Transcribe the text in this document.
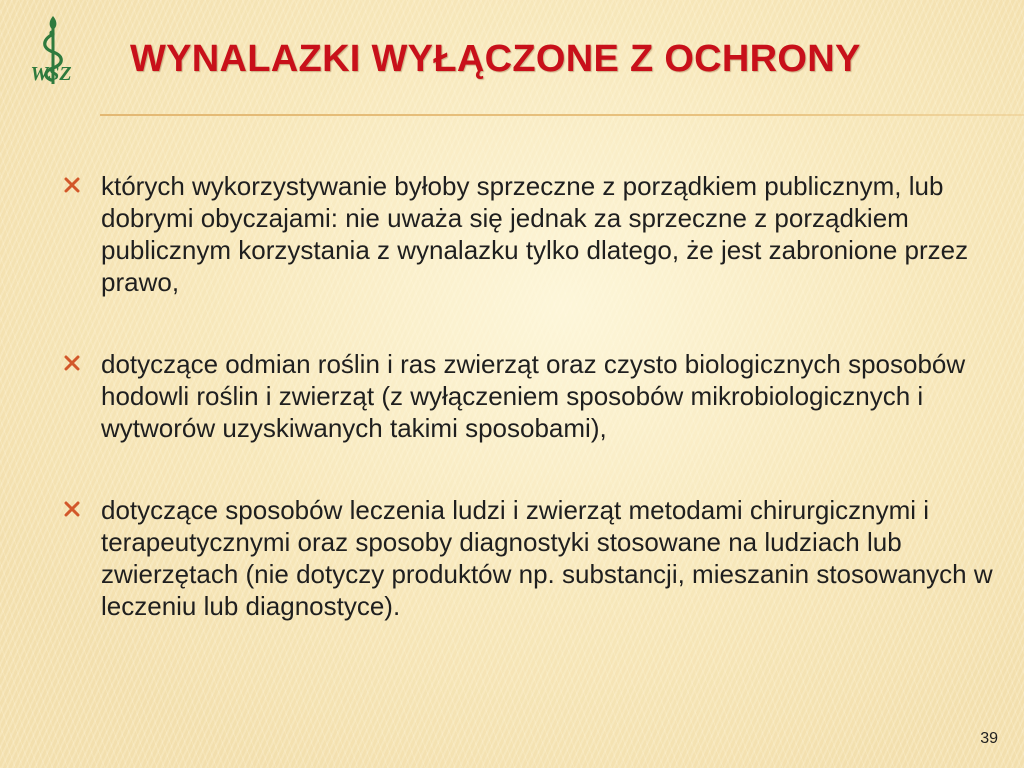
WSZ WYNALAZKI WYŁĄCZONE Z OCHRONY
których wykorzystywanie byłoby sprzeczne z porządkiem publicznym, lub dobrymi obyczajami: nie uważa się jednak za sprzeczne z porządkiem publicznym korzystania z wynalazku tylko dlatego, że jest zabronione przez prawo,
dotyczące odmian roślin i ras zwierząt oraz czysto biologicznych sposobów hodowli roślin i zwierząt (z wyłączeniem sposobów mikrobiologicznych i wytworów uzyskiwanych takimi sposobami),
dotyczące sposobów leczenia ludzi i zwierząt metodami chirurgicznymi i terapeutycznymi oraz sposoby diagnostyki stosowane na ludziach lub zwierzętach (nie dotyczy produktów np. substancji, mieszanin stosowanych w leczeniu lub diagnostyce).
39
